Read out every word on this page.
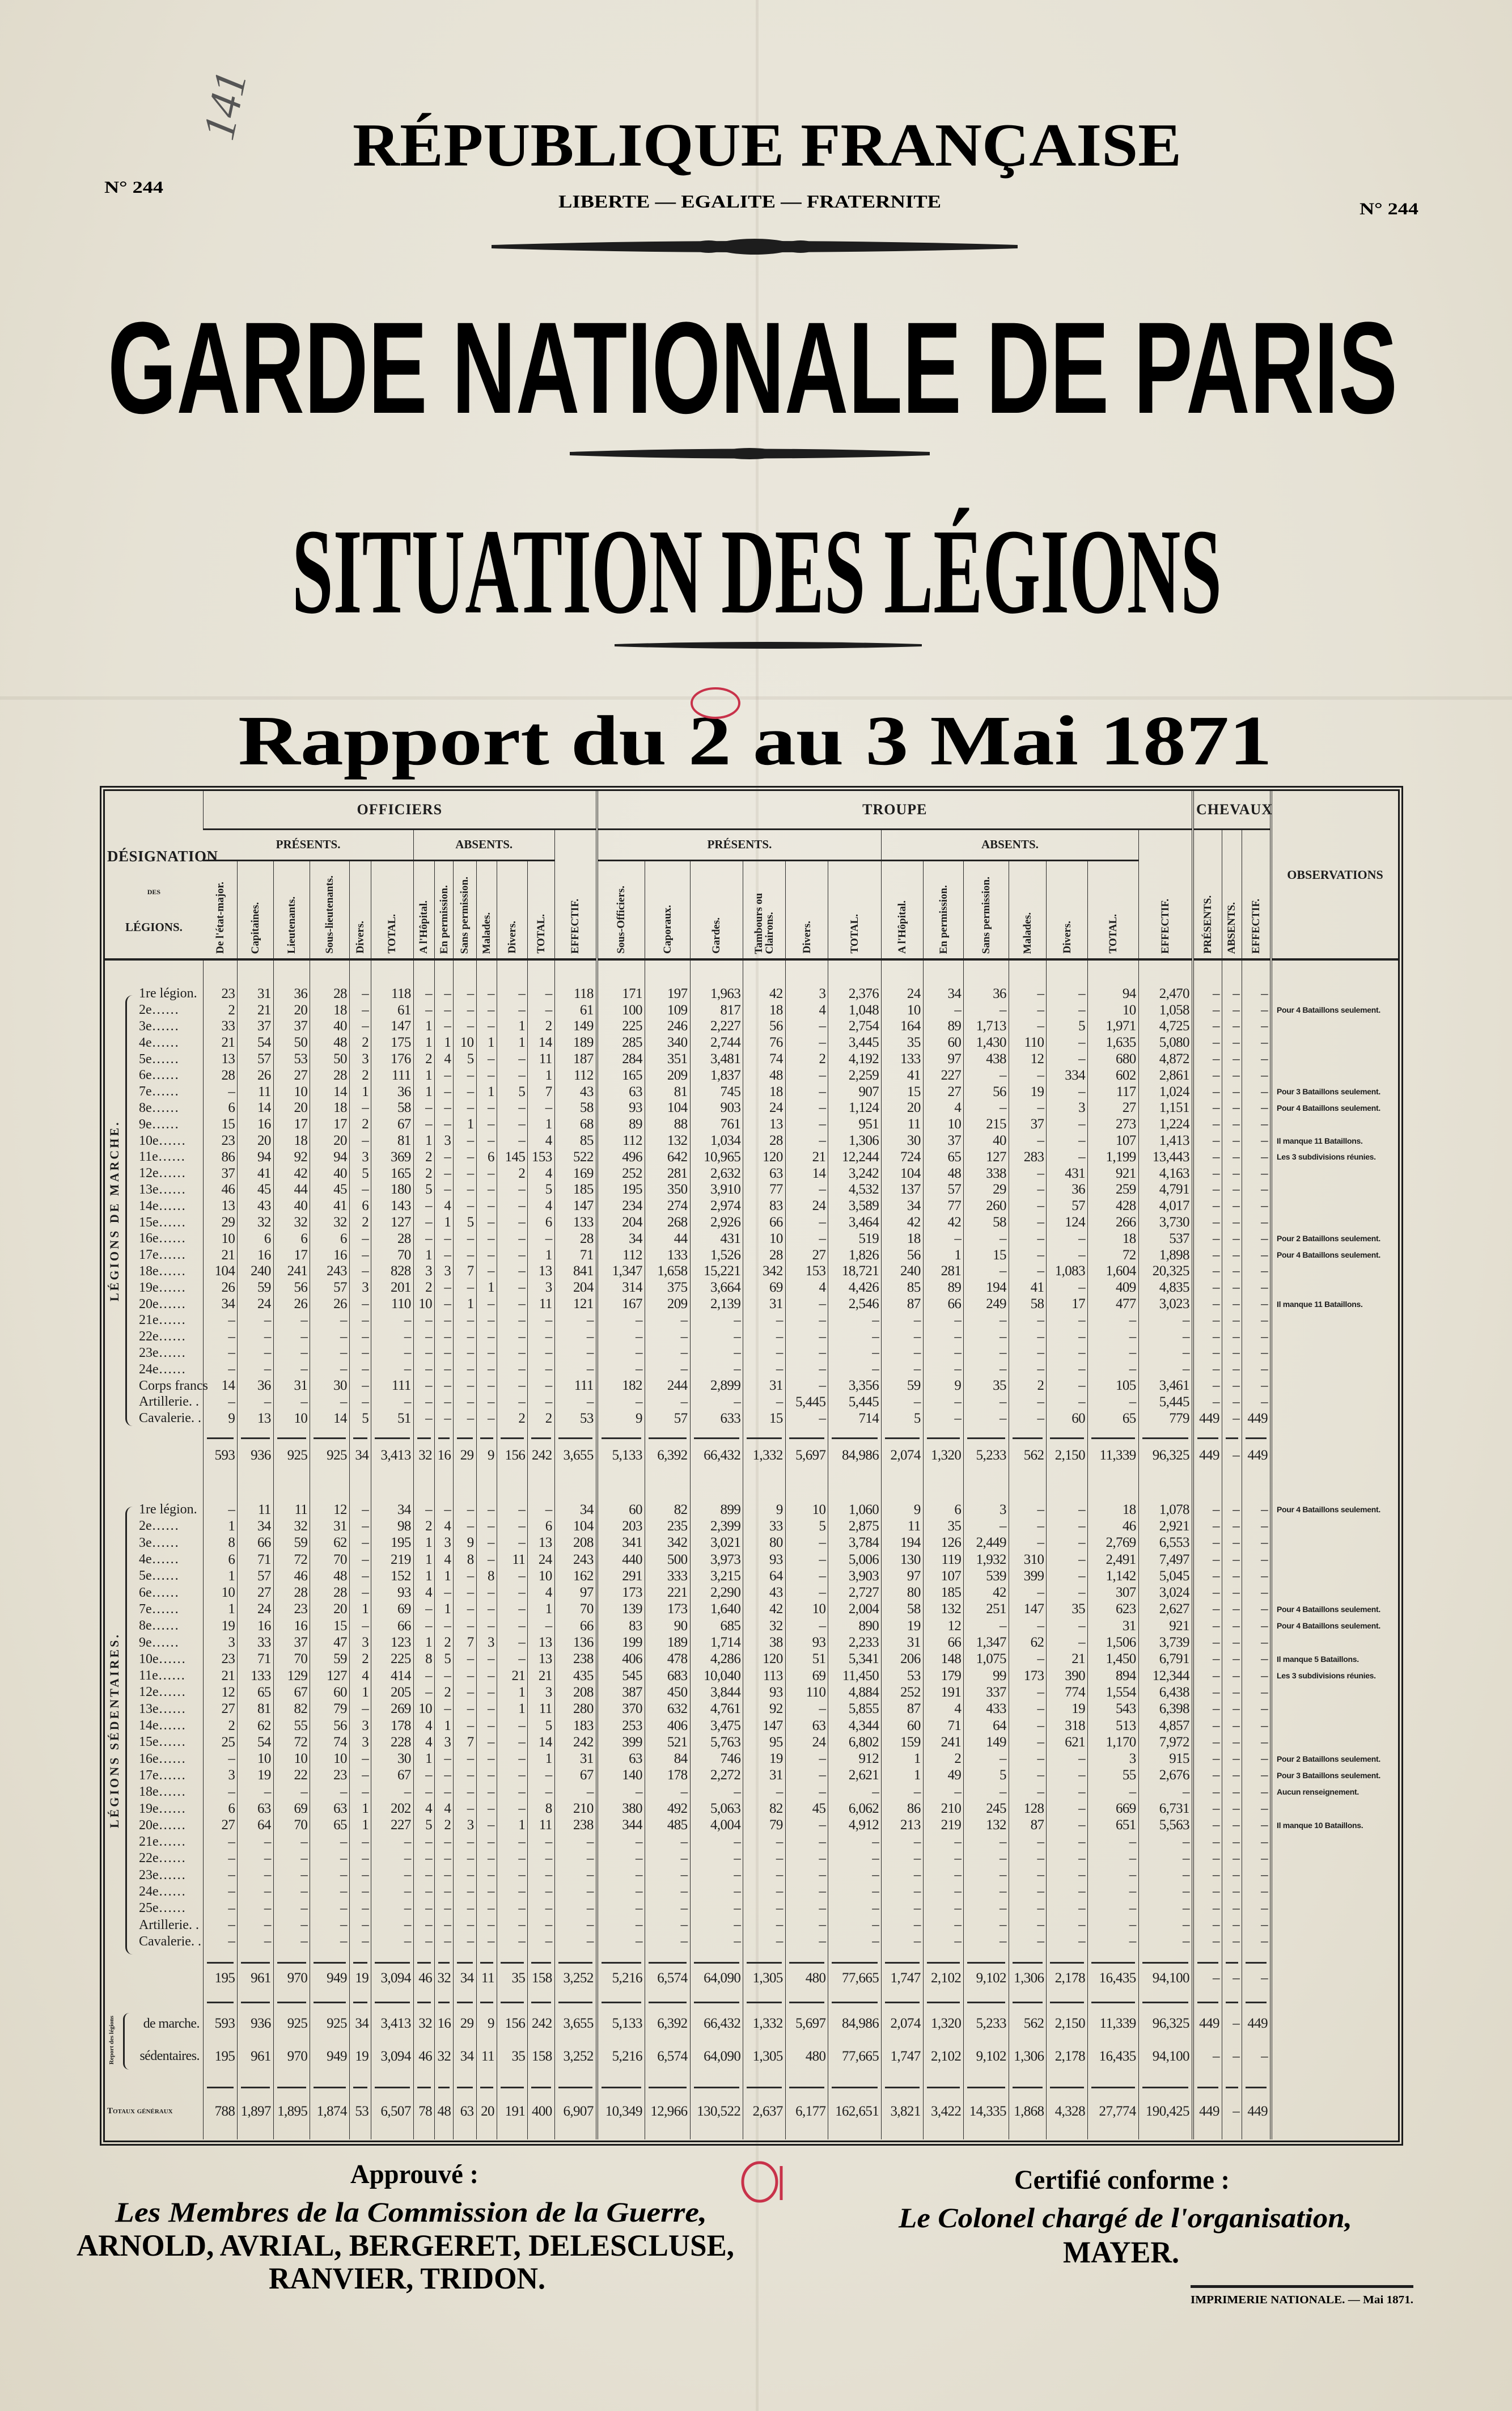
141
N° 244
N° 244
RÉPUBLIQUE FRANÇAISE
LIBERTE — EGALITE — FRATERNITE
GARDE NATIONALE DE PARIS
SITUATION DES LÉGIONS
Rapport du 2 au 3 Mai 1871
Approuvé :
Les Membres de la Commission de la Guerre,
ARNOLD, AVRIAL, BERGERET, DELESCLUSE,
RANVIER, TRIDON.
Certifié conforme :
Le Colonel chargé de l'organisation,
MAYER.
IMPRIMERIE NATIONALE. — Mai 1871.
DÉSIGNATION
DES
LÉGIONS.	OFFICIERS													TROUPE													CHEVAUX			OBSERVATIONS
	PRÉSENTS.						ABSENTS.						EFFECTIF.	PRÉSENTS.						ABSENTS.						EFFECTIF.	PRÉSENTS.	ABSENTS.	EFFECTIF.	

	De l'état-major.	Capitaines.	Lieutenants.	Sous-lieutenants.	Divers.	TOTAL.	A l'Hôpital.	En permission.	Sans permission.	Malades.	Divers.	TOTAL.		Sous-Officiers.	Caporaux.	Gardes.	Tambours ou Clairons.	Divers.	TOTAL.	A l'Hôpital.	En permission.	Sans permission.	Malades.	Divers.	TOTAL.					

1re légion.	23	31	36	28	–	118	–	–	–	–	–	–	118	171	197	1,963	42	3	2,376	24	34	36	–	–	94	2,470	–	–	–	
2e……	2	21	20	18	–	61	–	–	–	–	–	–	61	100	109	817	18	4	1,048	10	–	–	–	–	10	1,058	–	–	–	Pour 4 Bataillons seulement.
3e……	33	37	37	40	–	147	1	–	–	–	1	2	149	225	246	2,227	56	–	2,754	164	89	1,713	–	5	1,971	4,725	–	–	–	
4e……	21	54	50	48	2	175	1	1	10	1	1	14	189	285	340	2,744	76	–	3,445	35	60	1,430	110	–	1,635	5,080	–	–	–	
5e……	13	57	53	50	3	176	2	4	5	–	–	11	187	284	351	3,481	74	2	4,192	133	97	438	12	–	680	4,872	–	–	–	
6e……	28	26	27	28	2	111	1	–	–	–	–	1	112	165	209	1,837	48	–	2,259	41	227	–	–	334	602	2,861	–	–	–	
7e……	–	11	10	14	1	36	1	–	–	1	5	7	43	63	81	745	18	–	907	15	27	56	19	–	117	1,024	–	–	–	Pour 3 Bataillons seulement.
8e……	6	14	20	18	–	58	–	–	–	–	–	–	58	93	104	903	24	–	1,124	20	4	–	–	3	27	1,151	–	–	–	Pour 4 Bataillons seulement.
9e……	15	16	17	17	2	67	–	–	1	–	–	1	68	89	88	761	13	–	951	11	10	215	37	–	273	1,224	–	–	–	
10e……	23	20	18	20	–	81	1	3	–	–	–	4	85	112	132	1,034	28	–	1,306	30	37	40	–	–	107	1,413	–	–	–	Il manque 11 Bataillons.
11e……	86	94	92	94	3	369	2	–	–	6	145	153	522	496	642	10,965	120	21	12,244	724	65	127	283	–	1,199	13,443	–	–	–	Les 3 subdivisions réunies.
12e……	37	41	42	40	5	165	2	–	–	–	2	4	169	252	281	2,632	63	14	3,242	104	48	338	–	431	921	4,163	–	–	–	
13e……	46	45	44	45	–	180	5	–	–	–	–	5	185	195	350	3,910	77	–	4,532	137	57	29	–	36	259	4,791	–	–	–	
14e……	13	43	40	41	6	143	–	4	–	–	–	4	147	234	274	2,974	83	24	3,589	34	77	260	–	57	428	4,017	–	–	–	
15e……	29	32	32	32	2	127	–	1	5	–	–	6	133	204	268	2,926	66	–	3,464	42	42	58	–	124	266	3,730	–	–	–	
16e……	10	6	6	6	–	28	–	–	–	–	–	–	28	34	44	431	10	–	519	18	–	–	–	–	18	537	–	–	–	Pour 2 Bataillons seulement.
17e……	21	16	17	16	–	70	1	–	–	–	–	1	71	112	133	1,526	28	27	1,826	56	1	15	–	–	72	1,898	–	–	–	Pour 4 Bataillons seulement.
18e……	104	240	241	243	–	828	3	3	7	–	–	13	841	1,347	1,658	15,221	342	153	18,721	240	281	–	–	1,083	1,604	20,325	–	–	–	
19e……	26	59	56	57	3	201	2	–	–	1	–	3	204	314	375	3,664	69	4	4,426	85	89	194	41	–	409	4,835	–	–	–	
20e……	34	24	26	26	–	110	10	–	1	–	–	11	121	167	209	2,139	31	–	2,546	87	66	249	58	17	477	3,023	–	–	–	Il manque 11 Bataillons.
21e……	–	–	–	–	–	–	–	–	–	–	–	–	–	–	–	–	–	–	–	–	–	–	–	–	–	–	–	–	–	
22e……	–	–	–	–	–	–	–	–	–	–	–	–	–	–	–	–	–	–	–	–	–	–	–	–	–	–	–	–	–	
23e……	–	–	–	–	–	–	–	–	–	–	–	–	–	–	–	–	–	–	–	–	–	–	–	–	–	–	–	–	–	
24e……	–	–	–	–	–	–	–	–	–	–	–	–	–	–	–	–	–	–	–	–	–	–	–	–	–	–	–	–	–	
Corps francs	14	36	31	30	–	111	–	–	–	–	–	–	111	182	244	2,899	31	–	3,356	59	9	35	2	–	105	3,461	–	–	–	
Artillerie. .	–	–	–	–	–	–	–	–	–	–	–	–	–	–	–	–	–	5,445	5,445	–	–	–	–	–	–	5,445	–	–	–	
Cavalerie. .	9	13	10	14	5	51	–	–	–	–	2	2	53	9	57	633	15	–	714	5	–	–	–	60	65	779	449	–	449	

	593	936	925	925	34	3,413	32	16	29	9	156	242	3,655	5,133	6,392	66,432	1,332	5,697	84,986	2,074	1,320	5,233	562	2,150	11,339	96,325	449	–	449	

1re légion.	–	11	11	12	–	34	–	–	–	–	–	–	34	60	82	899	9	10	1,060	9	6	3	–	–	18	1,078	–	–	–	Pour 4 Bataillons seulement.
2e……	1	34	32	31	–	98	2	4	–	–	–	6	104	203	235	2,399	33	5	2,875	11	35	–	–	–	46	2,921	–	–	–	
3e……	8	66	59	62	–	195	1	3	9	–	–	13	208	341	342	3,021	80	–	3,784	194	126	2,449	–	–	2,769	6,553	–	–	–	
4e……	6	71	72	70	–	219	1	4	8	–	11	24	243	440	500	3,973	93	–	5,006	130	119	1,932	310	–	2,491	7,497	–	–	–	
5e……	1	57	46	48	–	152	1	1	–	8	–	10	162	291	333	3,215	64	–	3,903	97	107	539	399	–	1,142	5,045	–	–	–	
6e……	10	27	28	28	–	93	4	–	–	–	–	4	97	173	221	2,290	43	–	2,727	80	185	42	–	–	307	3,024	–	–	–	
7e……	1	24	23	20	1	69	–	1	–	–	–	1	70	139	173	1,640	42	10	2,004	58	132	251	147	35	623	2,627	–	–	–	Pour 4 Bataillons seulement.
8e……	19	16	16	15	–	66	–	–	–	–	–	–	66	83	90	685	32	–	890	19	12	–	–	–	31	921	–	–	–	Pour 4 Bataillons seulement.
9e……	3	33	37	47	3	123	1	2	7	3	–	13	136	199	189	1,714	38	93	2,233	31	66	1,347	62	–	1,506	3,739	–	–	–	
10e……	23	71	70	59	2	225	8	5	–	–	–	13	238	406	478	4,286	120	51	5,341	206	148	1,075	–	21	1,450	6,791	–	–	–	Il manque 5 Bataillons.
11e……	21	133	129	127	4	414	–	–	–	–	21	21	435	545	683	10,040	113	69	11,450	53	179	99	173	390	894	12,344	–	–	–	Les 3 subdivisions réunies.
12e……	12	65	67	60	1	205	–	2	–	–	1	3	208	387	450	3,844	93	110	4,884	252	191	337	–	774	1,554	6,438	–	–	–	
13e……	27	81	82	79	–	269	10	–	–	–	1	11	280	370	632	4,761	92	–	5,855	87	4	433	–	19	543	6,398	–	–	–	
14e……	2	62	55	56	3	178	4	1	–	–	–	5	183	253	406	3,475	147	63	4,344	60	71	64	–	318	513	4,857	–	–	–	
15e……	25	54	72	74	3	228	4	3	7	–	–	14	242	399	521	5,763	95	24	6,802	159	241	149	–	621	1,170	7,972	–	–	–	
16e……	–	10	10	10	–	30	1	–	–	–	–	1	31	63	84	746	19	–	912	1	2	–	–	–	3	915	–	–	–	Pour 2 Bataillons seulement.
17e……	3	19	22	23	–	67	–	–	–	–	–	–	67	140	178	2,272	31	–	2,621	1	49	5	–	–	55	2,676	–	–	–	Pour 3 Bataillons seulement.
18e……	–	–	–	–	–	–	–	–	–	–	–	–	–	–	–	–	–	–	–	–	–	–	–	–	–	–	–	–	–	Aucun renseignement.
19e……	6	63	69	63	1	202	4	4	–	–	–	8	210	380	492	5,063	82	45	6,062	86	210	245	128	–	669	6,731	–	–	–	
20e……	27	64	70	65	1	227	5	2	3	–	1	11	238	344	485	4,004	79	–	4,912	213	219	132	87	–	651	5,563	–	–	–	Il manque 10 Bataillons.
21e……	–	–	–	–	–	–	–	–	–	–	–	–	–	–	–	–	–	–	–	–	–	–	–	–	–	–	–	–	–	
22e……	–	–	–	–	–	–	–	–	–	–	–	–	–	–	–	–	–	–	–	–	–	–	–	–	–	–	–	–	–	
23e……	–	–	–	–	–	–	–	–	–	–	–	–	–	–	–	–	–	–	–	–	–	–	–	–	–	–	–	–	–	
24e……	–	–	–	–	–	–	–	–	–	–	–	–	–	–	–	–	–	–	–	–	–	–	–	–	–	–	–	–	–	
25e……	–	–	–	–	–	–	–	–	–	–	–	–	–	–	–	–	–	–	–	–	–	–	–	–	–	–	–	–	–	
Artillerie. .	–	–	–	–	–	–	–	–	–	–	–	–	–	–	–	–	–	–	–	–	–	–	–	–	–	–	–	–	–	
Cavalerie. .	–	–	–	–	–	–	–	–	–	–	–	–	–	–	–	–	–	–	–	–	–	–	–	–	–	–	–	–	–	

	195	961	970	949	19	3,094	46	32	34	11	35	158	3,252	5,216	6,574	64,090	1,305	480	77,665	1,747	2,102	9,102	1,306	2,178	16,435	94,100	–	–	–	

de marche.	593	936	925	925	34	3,413	32	16	29	9	156	242	3,655	5,133	6,392	66,432	1,332	5,697	84,986	2,074	1,320	5,233	562	2,150	11,339	96,325	449	–	449	
sédentaires.	195	961	970	949	19	3,094	46	32	34	11	35	158	3,252	5,216	6,574	64,090	1,305	480	77,665	1,747	2,102	9,102	1,306	2,178	16,435	94,100	–	–	–	

Totaux généraux	788	1,897	1,895	1,874	53	6,507	78	48	63	20	191	400	6,907	10,349	12,966	130,522	2,637	6,177	162,651	3,821	3,422	14,335	1,868	4,328	27,774	190,425	449	–	449	

LÉGIONS DE MARCHE.
LÉGIONS SÉDENTAIRES.
Report des légions
